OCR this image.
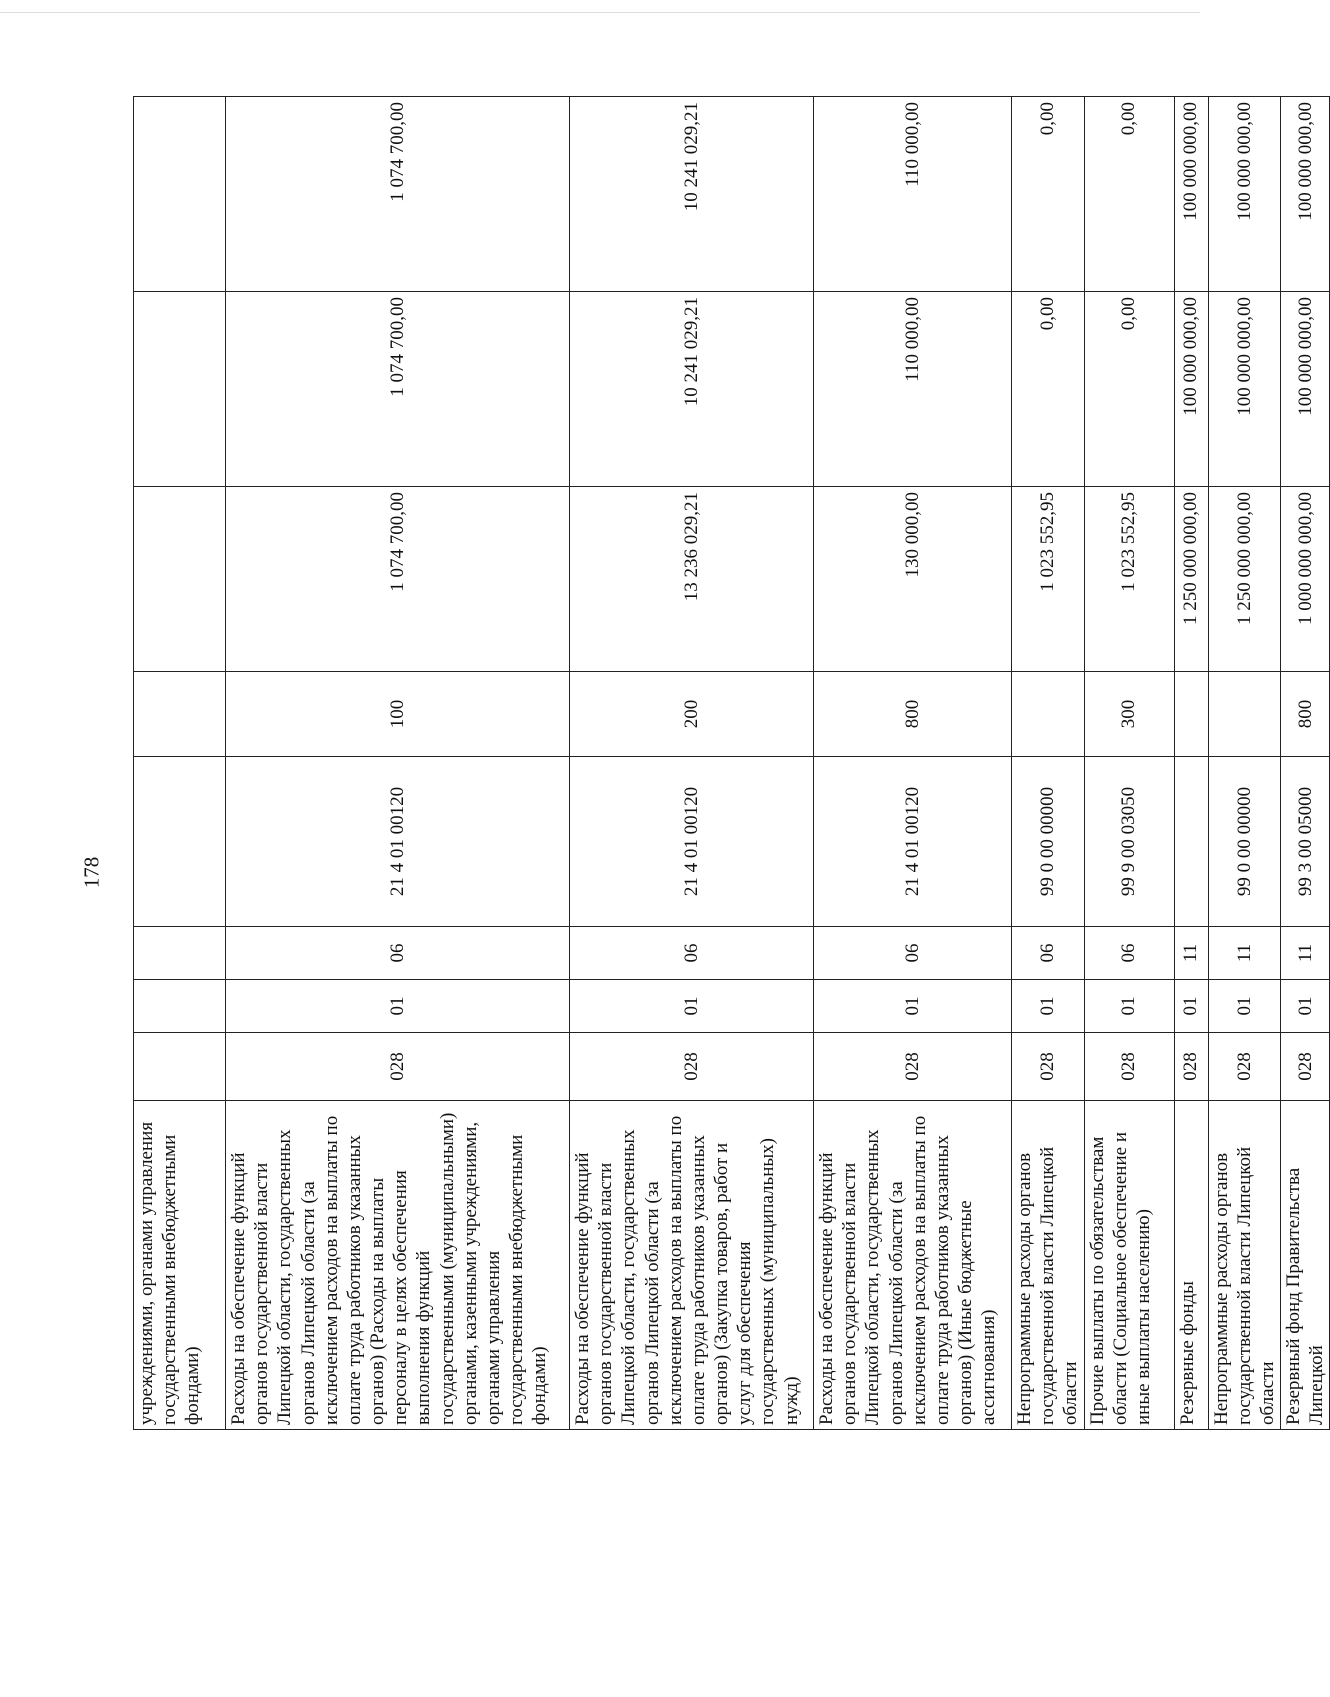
178
учреждениями, органами управления государственными внебюджетными фондами)								
Расходы на обеспечение функций органов государственной власти Липецкой области, государственных органов Липецкой области (за исключением расходов на выплаты по оплате труда работников указанных органов) (Расходы на выплаты персоналу в целях обеспечения выполнения функций государственными (муниципальными) органами, казенными учреждениями, органами управления государственными внебюджетными фондами)	028	01	06	21 4 01 00120	100	1 074 700,00	1 074 700,00	1 074 700,00
Расходы на обеспечение функций органов государственной власти Липецкой области, государственных органов Липецкой области (за исключением расходов на выплаты по оплате труда работников указанных органов) (Закупка товаров, работ и услуг для обеспечения государственных (муниципальных) нужд)	028	01	06	21 4 01 00120	200	13 236 029,21	10 241 029,21	10 241 029,21
Расходы на обеспечение функций органов государственной власти Липецкой области, государственных органов Липецкой области (за исключением расходов на выплаты по оплате труда работников указанных органов) (Иные бюджетные ассигнования)	028	01	06	21 4 01 00120	800	130 000,00	110 000,00	110 000,00
Непрограммные расходы органов государственной власти Липецкой области	028	01	06	99 0 00 00000		1 023 552,95	0,00	0,00
Прочие выплаты по обязательствам области (Социальное обеспечение и иные выплаты населению)	028	01	06	99 9 00 03050	300	1 023 552,95	0,00	0,00
Резервные фонды	028	01	11			1 250 000 000,00	100 000 000,00	100 000 000,00
Непрограммные расходы органов государственной власти Липецкой области	028	01	11	99 0 00 00000		1 250 000 000,00	100 000 000,00	100 000 000,00
Резервный фонд Правительства Липецкой	028	01	11	99 3 00 05000	800	1 000 000 000,00	100 000 000,00	100 000 000,00
